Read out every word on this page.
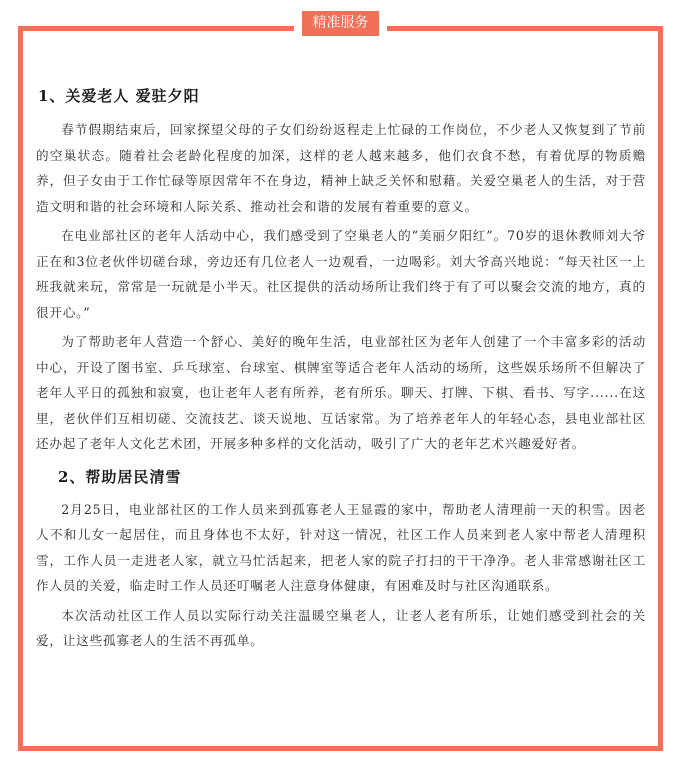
精准服务
1、关爱老人 爱驻夕阳

春节假期结束后，回家探望父母的子女们纷纷返程走上忙碌的工作岗位，不少老人又恢复到了节前的空巢状态。随着社会老龄化程度的加深，这样的老人越来越多，他们衣食不愁，有着优厚的物质赡养，但子女由于工作忙碌等原因常年不在身边，精神上缺乏关怀和慰藉。关爱空巢老人的生活，对于营造文明和谐的社会环境和人际关系、推动社会和谐的发展有着重要的意义。

在电业部社区的老年人活动中心，我们感受到了空巢老人的“美丽夕阳红”。70岁的退休教师刘大爷正在和3位老伙伴切磋台球，旁边还有几位老人一边观看，一边喝彩。刘大爷高兴地说：“每天社区一上班我就来玩，常常是一玩就是小半天。社区提供的活动场所让我们终于有了可以聚会交流的地方，真的很开心。”

为了帮助老年人营造一个舒心、美好的晚年生活，电业部社区为老年人创建了一个丰富多彩的活动中心，开设了图书室、乒乓球室、台球室、棋牌室等适合老年人活动的场所，这些娱乐场所不但解决了老年人平日的孤独和寂寞，也让老年人老有所养，老有所乐。聊天、打牌、下棋、看书、写字......在这里，老伙伴们互相切磋、交流技艺、谈天说地、互话家常。为了培养老年人的年轻心态，县电业部社区还办起了老年人文化艺术团，开展多种多样的文化活动，吸引了广大的老年艺术兴趣爱好者。

2、帮助居民清雪

2月25日，电业部社区的工作人员来到孤寡老人王显霞的家中，帮助老人清理前一天的积雪。因老人不和儿女一起居住，而且身体也不太好，针对这一情况，社区工作人员来到老人家中帮老人清理积雪，工作人员一走进老人家，就立马忙活起来，把老人家的院子打扫的干干净净。老人非常感谢社区工作人员的关爱，临走时工作人员还叮嘱老人注意身体健康，有困难及时与社区沟通联系。

本次活动社区工作人员以实际行动关注温暖空巢老人，让老人老有所乐，让她们感受到社会的关爱，让这些孤寡老人的生活不再孤单。
